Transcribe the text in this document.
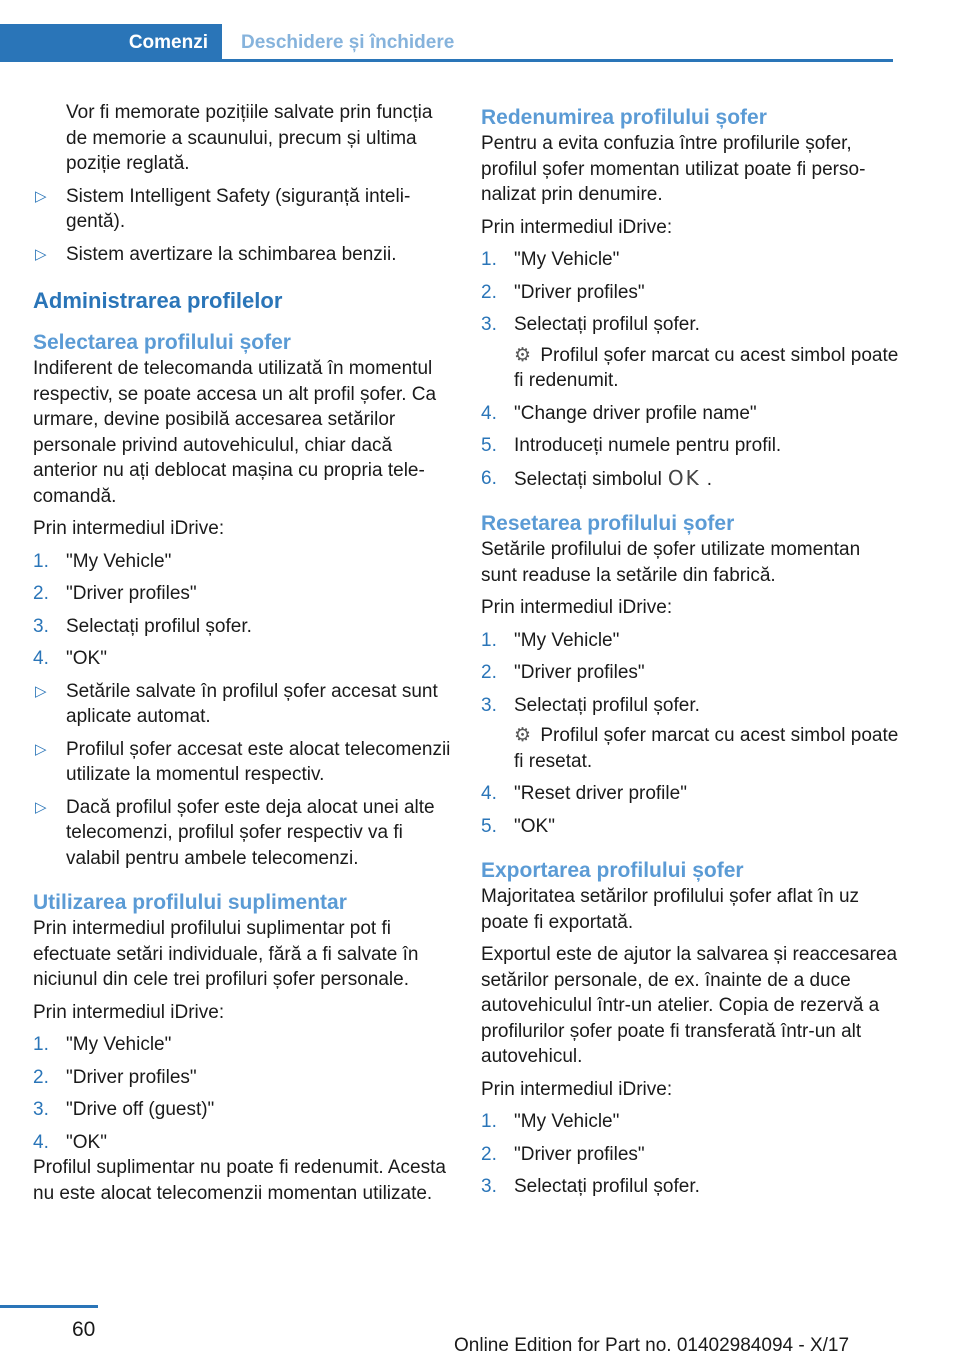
Comenzi	Deschidere și închidere
Vor fi memorate pozițiile salvate prin funcția de memorie a scaunului, precum și ultima poziție reglată.
▷ Sistem Intelligent Safety (siguranță inteligentă).
▷ Sistem avertizare la schimbarea benzii.
Administrarea profilelor
Selectarea profilului șofer

Indiferent de telecomanda utilizată în momentul respectiv, se poate accesa un alt profil șofer. Ca urmare, devine posibilă accesarea setărilor personale privind autovehiculul, chiar dacă anterior nu ați deblocat mașina cu propria telecomandă.

Prin intermediul iDrive:

1. "My Vehicle"
2. "Driver profiles"
3. Selectați profilul șofer.
4. "OK"
▷ Setările salvate în profilul șofer accesat sunt aplicate automat.
▷ Profilul șofer accesat este alocat telecomenzii utilizate la momentul respectiv.
▷ Dacă profilul șofer este deja alocat unei alte telecomenzi, profilul șofer respectiv va fi valabil pentru ambele telecomenzi.
Utilizarea profilului suplimentar

Prin intermediul profilului suplimentar pot fi efectuate setări individuale, fără a fi salvate în niciunul din cele trei profiluri șofer personale.

Prin intermediul iDrive:

1. "My Vehicle"
2. "Driver profiles"
3. "Drive off (guest)"
4. "OK"

Profilul suplimentar nu poate fi redenumit. Acesta nu este alocat telecomenzii momentan utilizate.

Redenumirea profilului șofer

Pentru a evita confuzia între profilurile șofer, profilul șofer momentan utilizat poate fi personalizat prin denumire.

Prin intermediul iDrive:

1. "My Vehicle"
2. "Driver profiles"
3. Selectați profilul șofer.
⚙ Profilul șofer marcat cu acest simbol poate fi redenumit.
4. "Change driver profile name"
5. Introduceți numele pentru profil.
6. Selectați simbolul OK .
Resetarea profilului șofer

Setările profilului de șofer utilizate momentan sunt readuse la setările din fabrică.

Prin intermediul iDrive:

1. "My Vehicle"
2. "Driver profiles"
3. Selectați profilul șofer.
⚙ Profilul șofer marcat cu acest simbol poate fi resetat.
4. "Reset driver profile"
5. "OK"
Exportarea profilului șofer

Majoritatea setărilor profilului șofer aflat în uz poate fi exportată.

Exportul este de ajutor la salvarea și reaccesarea setărilor personale, de ex. înainte de a duce autovehiculul într-un atelier. Copia de rezervă a profilurilor șofer poate fi transferată într-un alt autovehicul.

Prin intermediul iDrive:

1. "My Vehicle"
2. "Driver profiles"
3. Selectați profilul șofer.
60
Online Edition for Part no. 01402984094 - X/17
